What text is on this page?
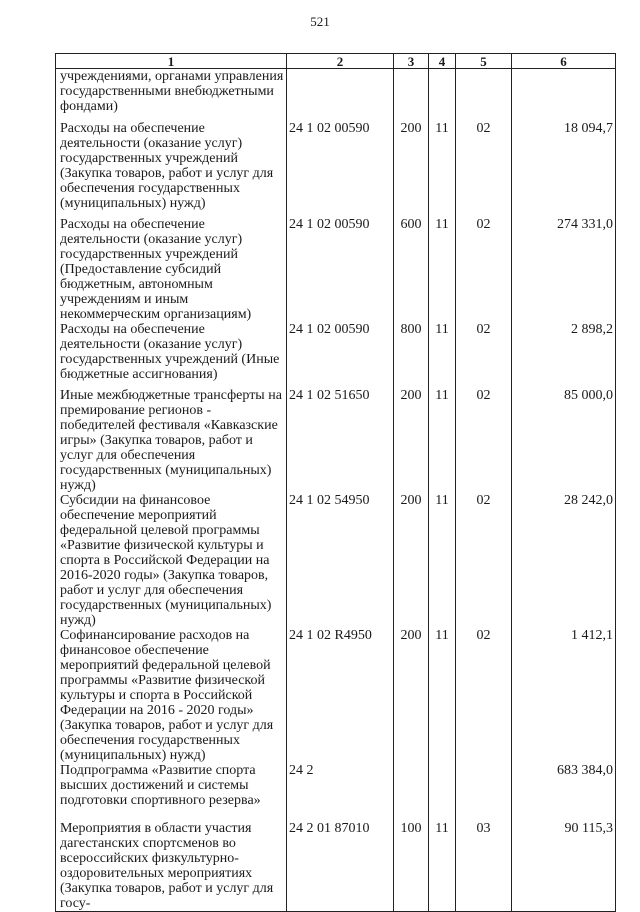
521
1	2	3	4	5	6
учреждениями, органами управления государственными внебюджетными фондами)					
Расходы на обеспечение деятельности (оказание услуг) государственных учреждений (Закупка товаров, работ и услуг для обеспечения государственных (муниципальных) нужд)	24 1 02 00590	200	11	02	18 094,7
Расходы на обеспечение деятельности (оказание услуг) государственных учреждений (Предоставление субсидий бюджетным, автономным учреждениям и иным некоммерческим организациям)	24 1 02 00590	600	11	02	274 331,0
Расходы на обеспечение деятельности (оказание услуг) государственных учреждений (Иные бюджетные ассигнования)	24 1 02 00590	800	11	02	2 898,2
Иные межбюджетные трансферты на премирование регионов - победителей фестиваля «Кавказские игры» (Закупка товаров, работ и услуг для обеспечения государственных (муниципальных) нужд)	24 1 02 51650	200	11	02	85 000,0
Субсидии на финансовое обеспечение мероприятий федеральной целевой программы «Развитие физической культуры и спорта в Российской Федерации на 2016-2020 годы» (Закупка товаров, работ и услуг для обеспечения государственных (муниципальных) нужд)	24 1 02 54950	200	11	02	28 242,0
Софинансирование расходов на финансовое обеспечение мероприятий федеральной целевой программы «Развитие физической культуры и спорта в Российской Федерации на 2016 - 2020 годы» (Закупка товаров, работ и услуг для обеспечения государственных (муниципальных) нужд)	24 1 02 R4950	200	11	02	1 412,1
Подпрограмма «Развитие спорта высших достижений и системы подготовки спортивного резерва»	24 2				683 384,0
Мероприятия в области участия дагестанских спортсменов во всероссийских физкультурно-оздоровительных мероприятиях (Закупка товаров, работ и услуг для госу-	24 2 01 87010	100	11	03	90 115,3
